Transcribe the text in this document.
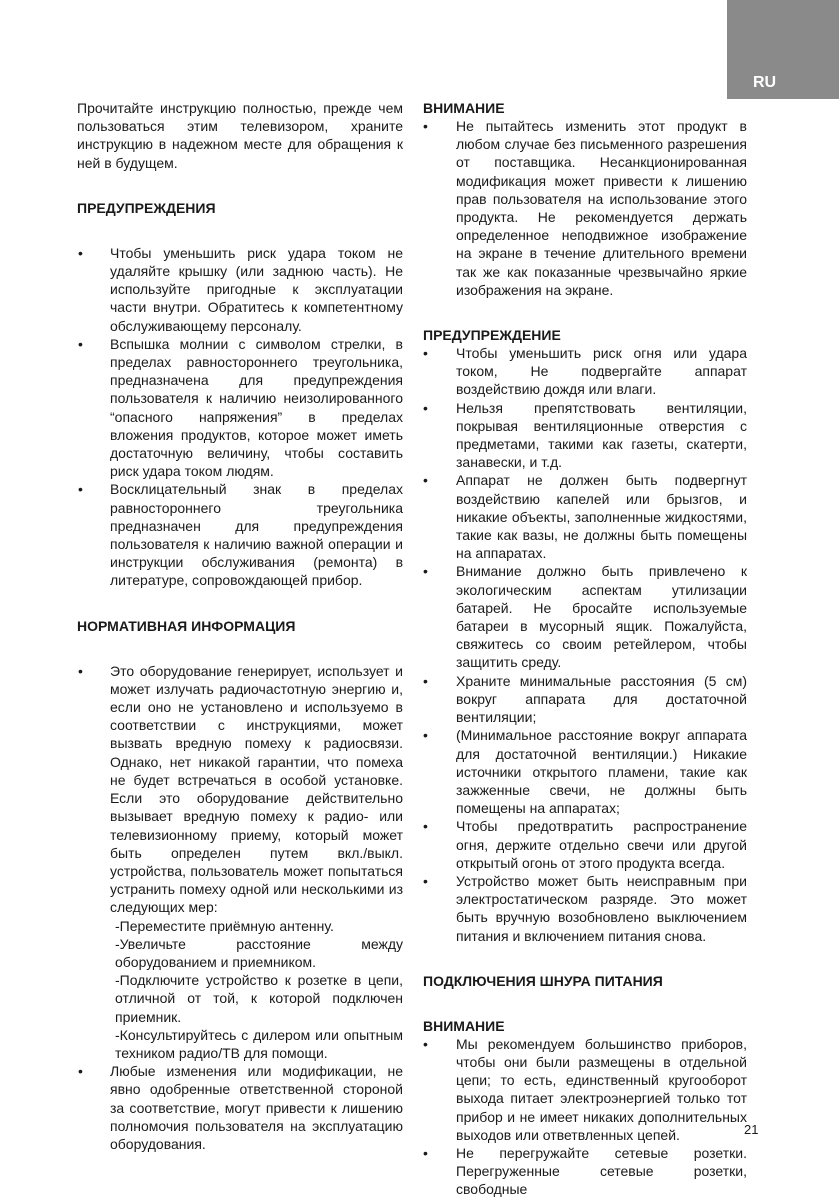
RU

Прочитайте инструкцию полностью, прежде чем пользоваться этим телевизором, храните инструкцию в надежном месте для обращения к ней в будущем.

ПРЕДУПРЕЖДЕНИЯ
• Чтобы уменьшить риск удара током не удаляйте крышку (или заднюю часть). Не используйте пригодные к эксплуатации части внутри. Обратитесь к компетентному обслуживающему персоналу.
• Вспышка молнии с символом стрелки, в пределах равностороннего треугольника, предназначена для предупреждения пользователя к наличию неизолированного “опасного напряжения” в пределах вложения продуктов, которое может иметь достаточную величину, чтобы составить риск удара током людям.
• Восклицательный знак в пределах равностороннего треугольника предназначен для предупреждения пользователя к наличию важной операции и инструкции обслуживания (ремонта) в литературе, сопровождающей прибор.
НОРМАТИВНАЯ ИНФОРМАЦИЯ
• Это оборудование генерирует, использует и может излучать радиочастотную энергию и, если оно не установлено и используемо в соответствии с инструкциями, может вызвать вредную помеху к радиосвязи. Однако, нет никакой гарантии, что помеха не будет встречаться в особой установке. Если это оборудование действительно вызывает вредную помеху к радио- или телевизионному приему, который может быть определен путем вкл./выкл. устройства, пользователь может попытаться устранить помеху одной или несколькими из следующих мер:

-Переместите приёмную антенну.

-Увеличьте расстояние между оборудованием и приемником.

-Подключите устройство к розетке в цепи, отличной от той, к которой подключен приемник.

-Консультируйтесь с дилером или опытным техником радио/ТВ для помощи.

• Любые изменения или модификации, не явно одобренные ответственной стороной за соответствие, могут привести к лишению полномочия пользователя на эксплуатацию оборудования.
ВНИМАНИЕ
• Не пытайтесь изменить этот продукт в любом случае без письменного разрешения от поставщика. Несанкционированная модификация может привести к лишению прав пользователя на использование этого продукта. Не рекомендуется держать определенное неподвижное изображение на экране в течение длительного времени так же как показанные чрезвычайно яркие изображения на экране.
ПРЕДУПРЕЖДЕНИЕ
• Чтобы уменьшить риск огня или удара током, Не подвергайте аппарат воздействию дождя или влаги.
• Нельзя препятствовать вентиляции, покрывая вентиляционные отверстия с предметами, такими как газеты, скатерти, занавески, и т.д.
• Аппарат не должен быть подвергнут воздействию капелей или брызгов, и никакие объекты, заполненные жидкостями, такие как вазы, не должны быть помещены на аппаратах.
• Внимание должно быть привлечено к экологическим аспектам утилизации батарей. Не бросайте используемые батареи в мусорный ящик. Пожалуйста, свяжитесь со своим ретейлером, чтобы защитить среду.
• Храните минимальные расстояния (5 см) вокруг аппарата для достаточной вентиляции;
• (Минимальное расстояние вокруг аппарата для достаточной вентиляции.) Никакие источники открытого пламени, такие как зажженные свечи, не должны быть помещены на аппаратах;
• Чтобы предотвратить распространение огня, держите отдельно свечи или другой открытый огонь от этого продукта всегда.
• Устройство может быть неисправным при электростатическом разряде. Это может быть вручную возобновлено выключением питания и включением питания снова.
ПОДКЛЮЧЕНИЯ ШНУРА ПИТАНИЯ
ВНИМАНИЕ
• Мы рекомендуем большинство приборов, чтобы они были размещены в отдельной цепи; то есть, единственный кругооборот выхода питает электроэнергией только тот прибор и не имеет никаких дополнительных выходов или ответвленных цепей.
• Не перегружайте сетевые розетки. Перегруженные сетевые розетки, свободные
21
